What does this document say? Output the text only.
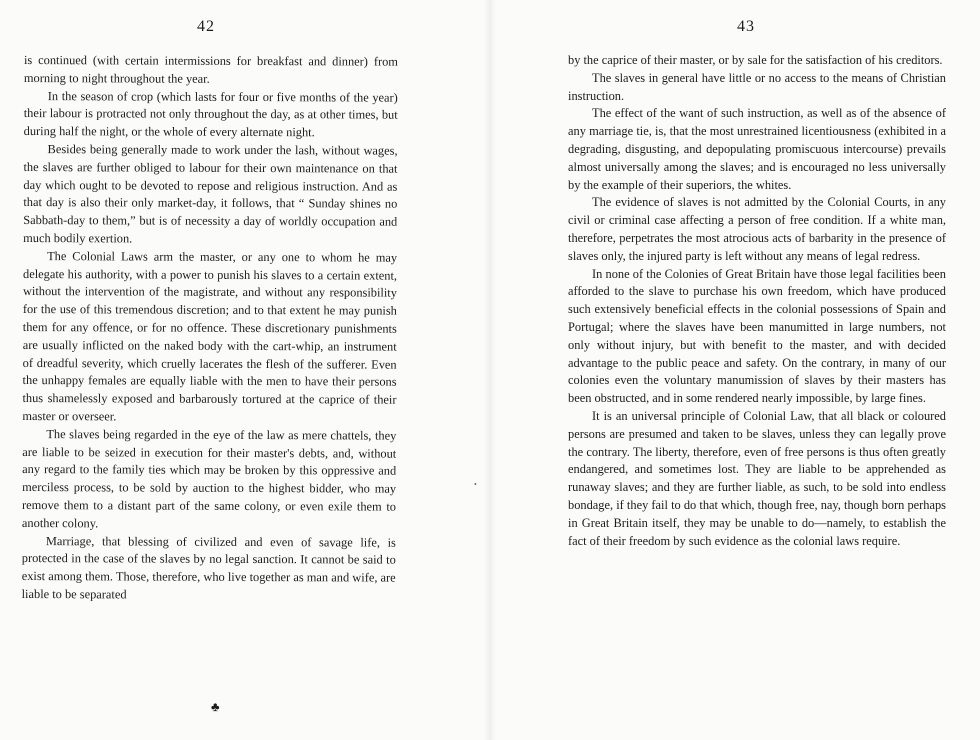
42

is continued (with certain intermissions for breakfast and dinner) from morning to night throughout the year.

In the season of crop (which lasts for four or five months of the year) their labour is protracted not only throughout the day, as at other times, but during half the night, or the whole of every alternate night.

Besides being generally made to work under the lash, without wages, the slaves are further obliged to labour for their own maintenance on that day which ought to be devoted to repose and religious instruction. And as that day is also their only market-day, it follows, that “ Sunday shines no Sabbath-day to them,” but is of necessity a day of worldly occupation and much bodily exertion.

The Colonial Laws arm the master, or any one to whom he may delegate his authority, with a power to punish his slaves to a certain extent, without the intervention of the magistrate, and without any responsibility for the use of this tremendous discretion; and to that extent he may punish them for any offence, or for no offence. These discretionary punishments are usually inflicted on the naked body with the cart-whip, an instrument of dreadful severity, which cruelly lacerates the flesh of the sufferer. Even the unhappy females are equally liable with the men to have their persons thus shamelessly exposed and barbarously tortured at the caprice of their master or overseer.

The slaves being regarded in the eye of the law as mere chattels, they are liable to be seized in execution for their master's debts, and, without any regard to the family ties which may be broken by this oppressive and merciless process, to be sold by auction to the highest bidder, who may remove them to a distant part of the same colony, or even exile them to another colony.

Marriage, that blessing of civilized and even of savage life, is protected in the case of the slaves by no legal sanction. It cannot be said to exist among them. Those, therefore, who live together as man and wife, are liable to be separated

♣
43

by the caprice of their master, or by sale for the satisfaction of his creditors.

The slaves in general have little or no access to the means of Christian instruction.

The effect of the want of such instruction, as well as of the absence of any marriage tie, is, that the most unrestrained licentiousness (exhibited in a degrading, disgusting, and depopulating promiscuous intercourse) prevails almost universally among the slaves; and is encouraged no less universally by the example of their superiors, the whites.

The evidence of slaves is not admitted by the Colonial Courts, in any civil or criminal case affecting a person of free condition. If a white man, therefore, perpetrates the most atrocious acts of barbarity in the presence of slaves only, the injured party is left without any means of legal redress.

In none of the Colonies of Great Britain have those legal facilities been afforded to the slave to purchase his own freedom, which have produced such extensively beneficial effects in the colonial possessions of Spain and Portugal; where the slaves have been manumitted in large numbers, not only without injury, but with benefit to the master, and with decided advantage to the public peace and safety. On the contrary, in many of our colonies even the voluntary manumission of slaves by their masters has been obstructed, and in some rendered nearly impossible, by large fines.

It is an universal principle of Colonial Law, that all black or coloured persons are presumed and taken to be slaves, unless they can legally prove the contrary. The liberty, therefore, even of free persons is thus often greatly endangered, and sometimes lost. They are liable to be apprehended as runaway slaves; and they are further liable, as such, to be sold into endless bondage, if they fail to do that which, though free, nay, though born perhaps in Great Britain itself, they may be unable to do—namely, to establish the fact of their freedom by such evidence as the colonial laws require.

•
